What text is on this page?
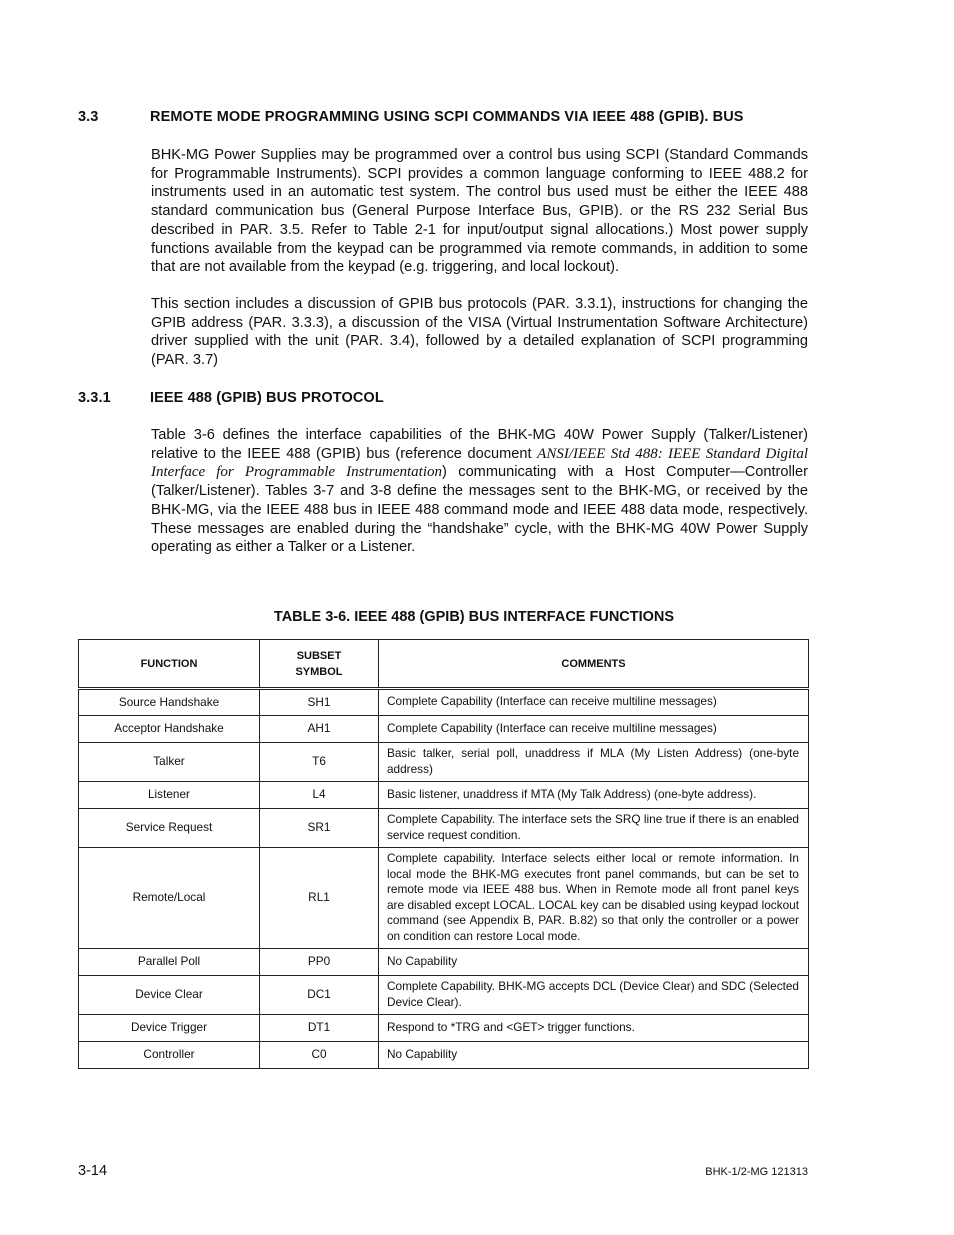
3.3	REMOTE MODE PROGRAMMING USING SCPI COMMANDS VIA IEEE 488 (GPIB). BUS
BHK-MG Power Supplies may be programmed over a control bus using SCPI (Standard Commands for Programmable Instruments). SCPI provides a common language conforming to IEEE 488.2 for instruments used in an automatic test system. The control bus used must be either the IEEE 488 standard communication bus (General Purpose Interface Bus, GPIB). or the RS 232 Serial Bus described in PAR. 3.5. Refer to Table 2-1 for input/output signal allocations.) Most power supply functions available from the keypad can be programmed via remote commands, in addition to some that are not available from the keypad (e.g. triggering, and local lockout).
This section includes a discussion of GPIB bus protocols (PAR. 3.3.1), instructions for changing the GPIB address (PAR. 3.3.3), a discussion of the VISA (Virtual Instrumentation Software Architecture) driver supplied with the unit (PAR. 3.4), followed by a detailed explanation of SCPI programming (PAR. 3.7)
3.3.1	IEEE 488 (GPIB) BUS PROTOCOL
Table 3-6 defines the interface capabilities of the BHK-MG 40W Power Supply (Talker/Listener) relative to the IEEE 488 (GPIB) bus (reference document ANSI/IEEE Std 488: IEEE Standard Digital Interface for Programmable Instrumentation) communicating with a Host Computer—Controller (Talker/Listener). Tables 3-7 and 3-8 define the messages sent to the BHK-MG, or received by the BHK-MG, via the IEEE 488 bus in IEEE 488 command mode and IEEE 488 data mode, respectively. These messages are enabled during the “handshake” cycle, with the BHK-MG 40W Power Supply operating as either a Talker or a Listener.
TABLE 3-6. IEEE 488 (GPIB) BUS INTERFACE FUNCTIONS
FUNCTION	SUBSET SYMBOL	COMMENTS
Source Handshake	SH1	Complete Capability (Interface can receive multiline messages)
Acceptor Handshake	AH1	Complete Capability (Interface can receive multiline messages)
Talker	T6	Basic talker, serial poll, unaddress if MLA (My Listen Address) (one-byte address)
Listener	L4	Basic listener, unaddress if MTA (My Talk Address) (one-byte address).
Service Request	SR1	Complete Capability. The interface sets the SRQ line true if there is an enabled service request condition.
Remote/Local	RL1	Complete capability. Interface selects either local or remote information. In local mode the BHK-MG executes front panel commands, but can be set to remote mode via IEEE 488 bus. When in Remote mode all front panel keys are disabled except LOCAL. LOCAL key can be disabled using keypad lockout command (see Appendix B, PAR. B.82) so that only the controller or a power on condition can restore Local mode.
Parallel Poll	PP0	No Capability
Device Clear	DC1	Complete Capability. BHK-MG accepts DCL (Device Clear) and SDC (Selected Device Clear).
Device Trigger	DT1	Respond to *TRG and <GET> trigger functions.
Controller	C0	No Capability
3-14	BHK-1/2-MG 121313
